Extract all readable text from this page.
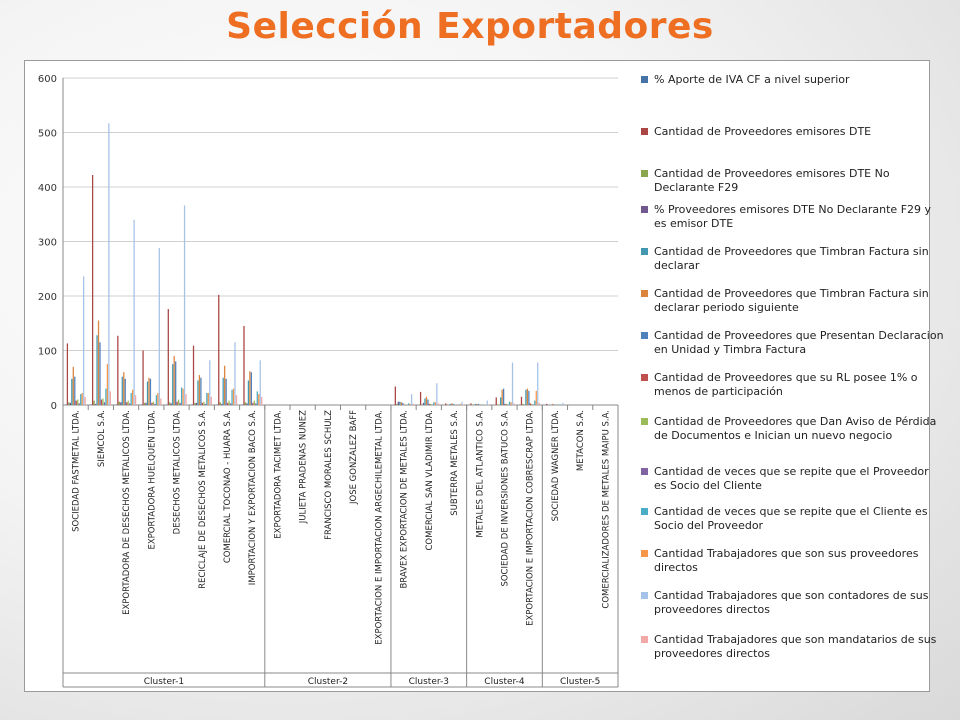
Selección Exportadores
0
100
200
300
400
500
600
SOCIEDAD FASTMETAL LTDA. SIEMCOL S.A. EXPORTADORA DE DESECHOS METALICOS LTDA. EXPORTADORA HUELQUEN LTDA. DESECHOS METALICOS LTDA. RECICLAJE DE DESECHOS METALICOS S.A. COMERCIAL TOCONAO - HUARA S.A. IMPORTACION Y EXPORTACION BACO S.A. EXPORTADORA TACIMET LTDA. JULIETA PRADENAS NUNEZ FRANCISCO MORALES SCHULZ JOSE GONZALEZ BAFF EXPORTACION E IMPORTACION ARGECHILEMETAL LTDA. BRAVEX EXPORTACION DE METALES LTDA. COMERCIAL SAN VLADIMIR LTDA. SUBTERRA METALES S.A. METALES DEL ATLANTICO S.A. SOCIEDAD DE INVERSIONES BATUCO S.A. EXPORTACION E IMPORTACION COBRESCRAP LTDA. SOCIEDAD WAGNER LTDA. METACON S.A. COMERCIALIZADORES DE METALES MAIPU S.A.
Cluster-1	Cluster-2	Cluster-3	Cluster-4	Cluster-5
% Aporte de IVA CF a nivel superior
Cantidad de Proveedores emisores DTE
Cantidad de Proveedores emisores DTE No Declarante F29
% Proveedores emisores DTE No Declarante F29 y es emisor DTE
Cantidad de Proveedores que Timbran Factura sin declarar
Cantidad de Proveedores que Timbran Factura sin declarar periodo siguiente
Cantidad de Proveedores que Presentan Declaracion en Unidad y Timbra Factura
Cantidad de Proveedores que su RL posee 1% o menos de participación
Cantidad de Proveedores que Dan Aviso de Pérdida de Documentos e Inician un nuevo negocio
Cantidad de veces que se repite que el Proveedor es Socio del Cliente
Cantidad de veces que se repite que el Cliente es Socio del Proveedor
Cantidad Trabajadores que son sus proveedores directos
Cantidad Trabajadores que son contadores de sus proveedores directos
Cantidad Trabajadores que son mandatarios de sus proveedores directos
